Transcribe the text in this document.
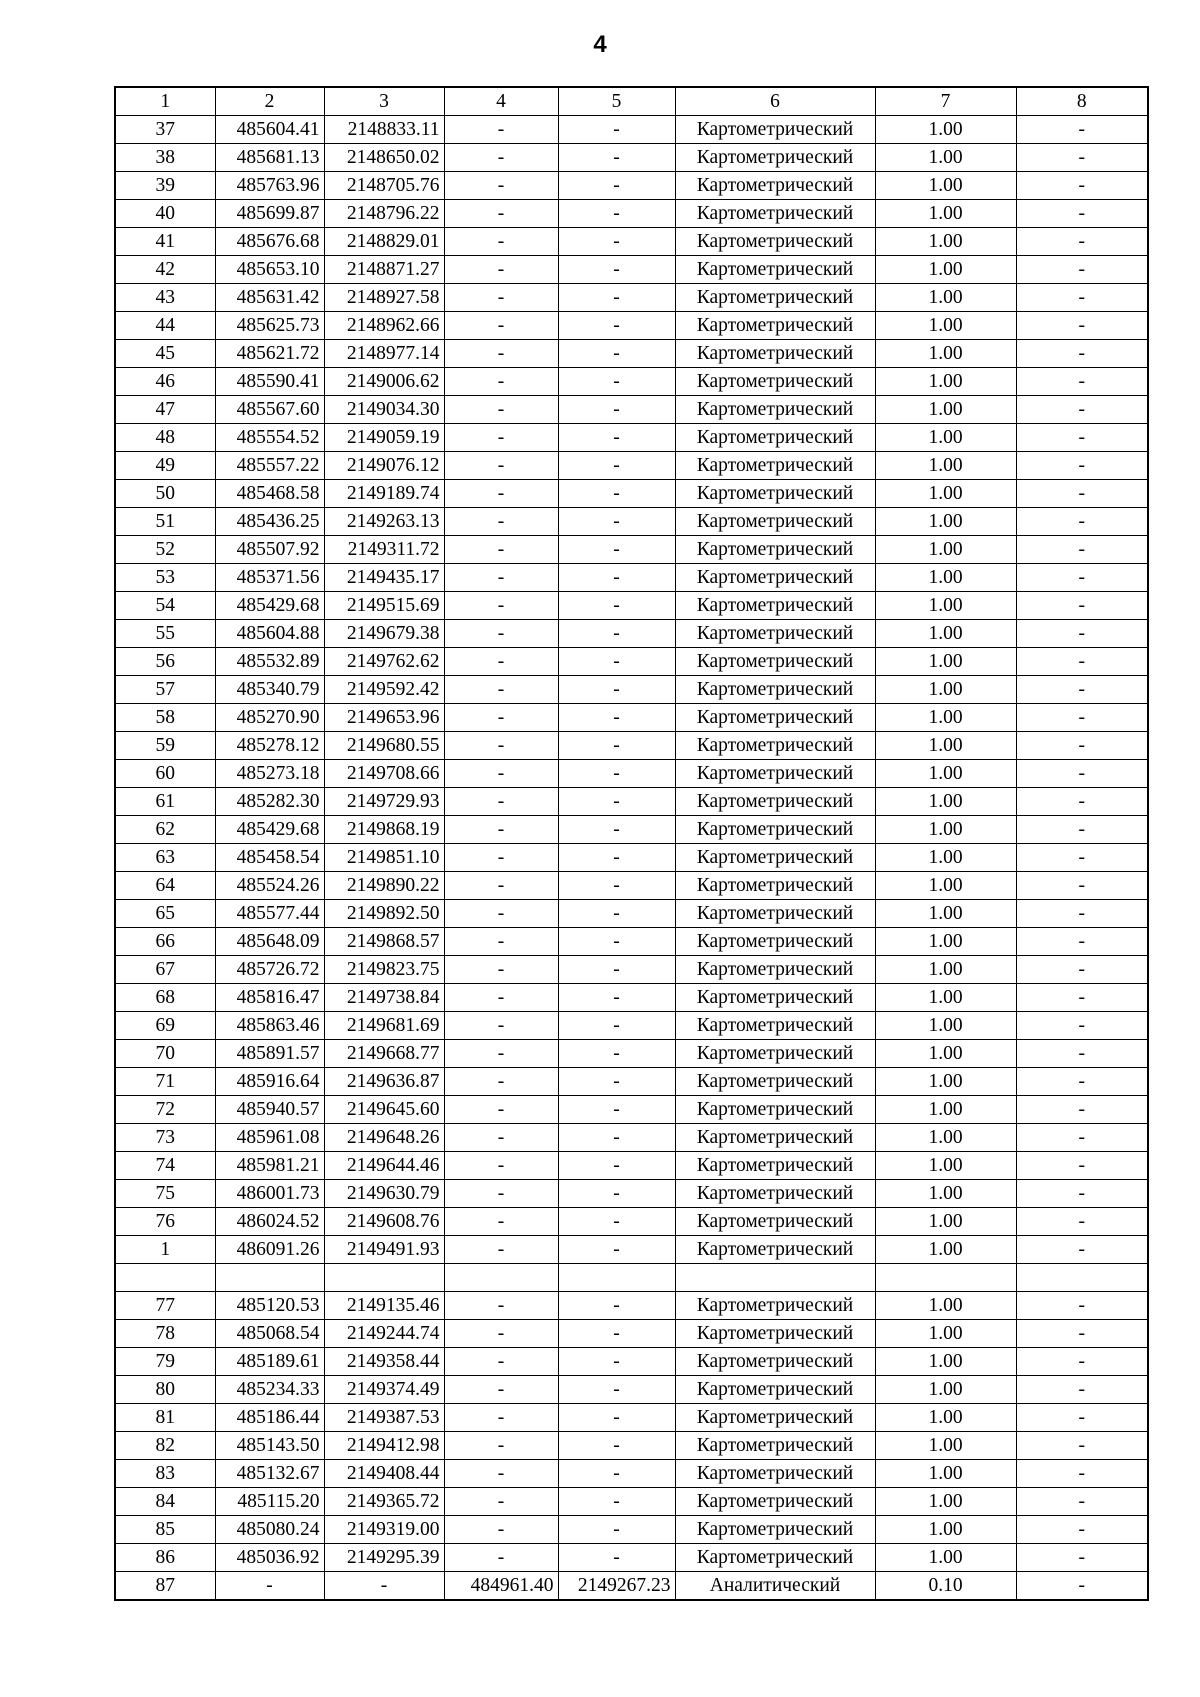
4
1	2	3	4	5	6	7	8
37	485604.41	2148833.11	-	-	Картометрический	1.00	-
38	485681.13	2148650.02	-	-	Картометрический	1.00	-
39	485763.96	2148705.76	-	-	Картометрический	1.00	-
40	485699.87	2148796.22	-	-	Картометрический	1.00	-
41	485676.68	2148829.01	-	-	Картометрический	1.00	-
42	485653.10	2148871.27	-	-	Картометрический	1.00	-
43	485631.42	2148927.58	-	-	Картометрический	1.00	-
44	485625.73	2148962.66	-	-	Картометрический	1.00	-
45	485621.72	2148977.14	-	-	Картометрический	1.00	-
46	485590.41	2149006.62	-	-	Картометрический	1.00	-
47	485567.60	2149034.30	-	-	Картометрический	1.00	-
48	485554.52	2149059.19	-	-	Картометрический	1.00	-
49	485557.22	2149076.12	-	-	Картометрический	1.00	-
50	485468.58	2149189.74	-	-	Картометрический	1.00	-
51	485436.25	2149263.13	-	-	Картометрический	1.00	-
52	485507.92	2149311.72	-	-	Картометрический	1.00	-
53	485371.56	2149435.17	-	-	Картометрический	1.00	-
54	485429.68	2149515.69	-	-	Картометрический	1.00	-
55	485604.88	2149679.38	-	-	Картометрический	1.00	-
56	485532.89	2149762.62	-	-	Картометрический	1.00	-
57	485340.79	2149592.42	-	-	Картометрический	1.00	-
58	485270.90	2149653.96	-	-	Картометрический	1.00	-
59	485278.12	2149680.55	-	-	Картометрический	1.00	-
60	485273.18	2149708.66	-	-	Картометрический	1.00	-
61	485282.30	2149729.93	-	-	Картометрический	1.00	-
62	485429.68	2149868.19	-	-	Картометрический	1.00	-
63	485458.54	2149851.10	-	-	Картометрический	1.00	-
64	485524.26	2149890.22	-	-	Картометрический	1.00	-
65	485577.44	2149892.50	-	-	Картометрический	1.00	-
66	485648.09	2149868.57	-	-	Картометрический	1.00	-
67	485726.72	2149823.75	-	-	Картометрический	1.00	-
68	485816.47	2149738.84	-	-	Картометрический	1.00	-
69	485863.46	2149681.69	-	-	Картометрический	1.00	-
70	485891.57	2149668.77	-	-	Картометрический	1.00	-
71	485916.64	2149636.87	-	-	Картометрический	1.00	-
72	485940.57	2149645.60	-	-	Картометрический	1.00	-
73	485961.08	2149648.26	-	-	Картометрический	1.00	-
74	485981.21	2149644.46	-	-	Картометрический	1.00	-
75	486001.73	2149630.79	-	-	Картометрический	1.00	-
76	486024.52	2149608.76	-	-	Картометрический	1.00	-
1	486091.26	2149491.93	-	-	Картометрический	1.00	-

77	485120.53	2149135.46	-	-	Картометрический	1.00	-
78	485068.54	2149244.74	-	-	Картометрический	1.00	-
79	485189.61	2149358.44	-	-	Картометрический	1.00	-
80	485234.33	2149374.49	-	-	Картометрический	1.00	-
81	485186.44	2149387.53	-	-	Картометрический	1.00	-
82	485143.50	2149412.98	-	-	Картометрический	1.00	-
83	485132.67	2149408.44	-	-	Картометрический	1.00	-
84	485115.20	2149365.72	-	-	Картометрический	1.00	-
85	485080.24	2149319.00	-	-	Картометрический	1.00	-
86	485036.92	2149295.39	-	-	Картометрический	1.00	-
87	-	-	484961.40	2149267.23	Аналитический	0.10	-
